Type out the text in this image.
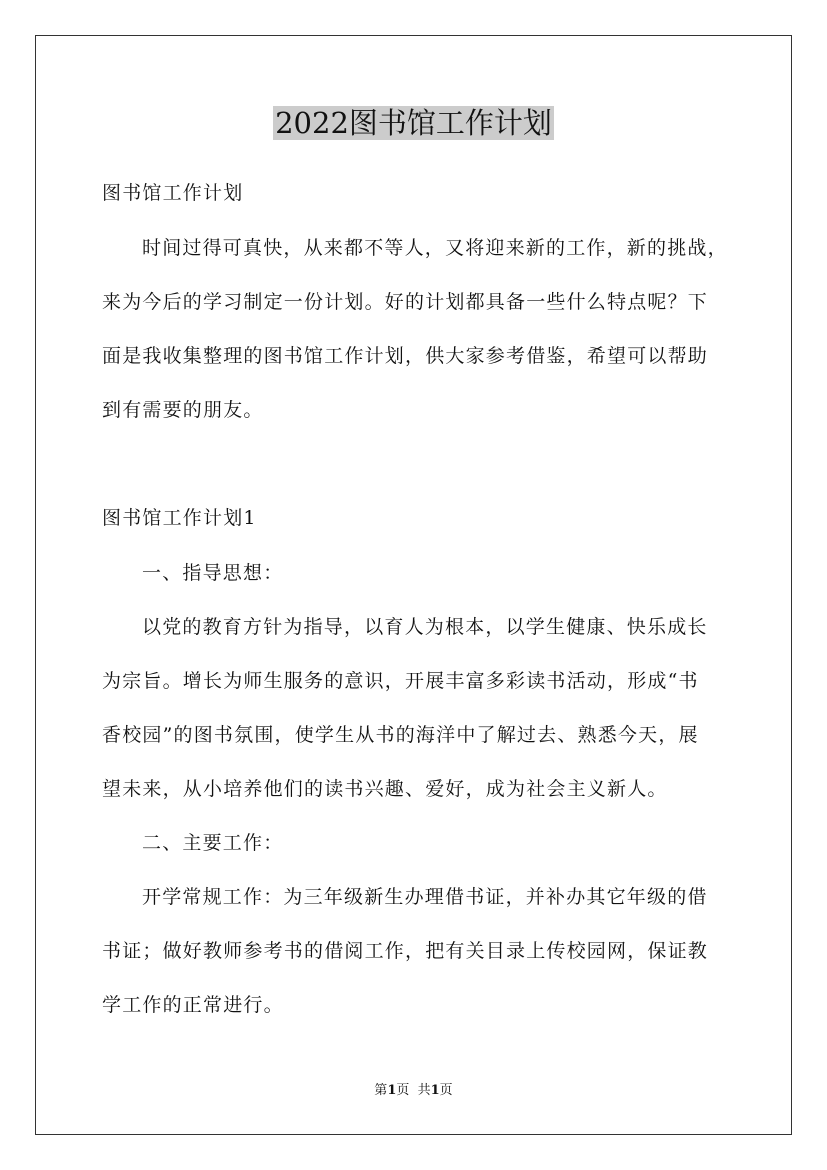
2022图书馆工作计划

图书馆工作计划

时间过得可真快，从来都不等人，又将迎来新的工作，新的挑战，

来为今后的学习制定一份计划。好的计划都具备一些什么特点呢？下

面是我收集整理的图书馆工作计划，供大家参考借鉴，希望可以帮助

到有需要的朋友。

图书馆工作计划1

一、指导思想：

以党的教育方针为指导，以育人为根本，以学生健康、快乐成长

为宗旨。增长为师生服务的意识，开展丰富多彩读书活动，形成“书

香校园”的图书氛围，使学生从书的海洋中了解过去、熟悉今天，展

望未来，从小培养他们的读书兴趣、爱好，成为社会主义新人。

二、主要工作：

开学常规工作：为三年级新生办理借书证，并补办其它年级的借

书证；做好教师参考书的借阅工作，把有关目录上传校园网，保证教

学工作的正常进行。

第1页  共1页
